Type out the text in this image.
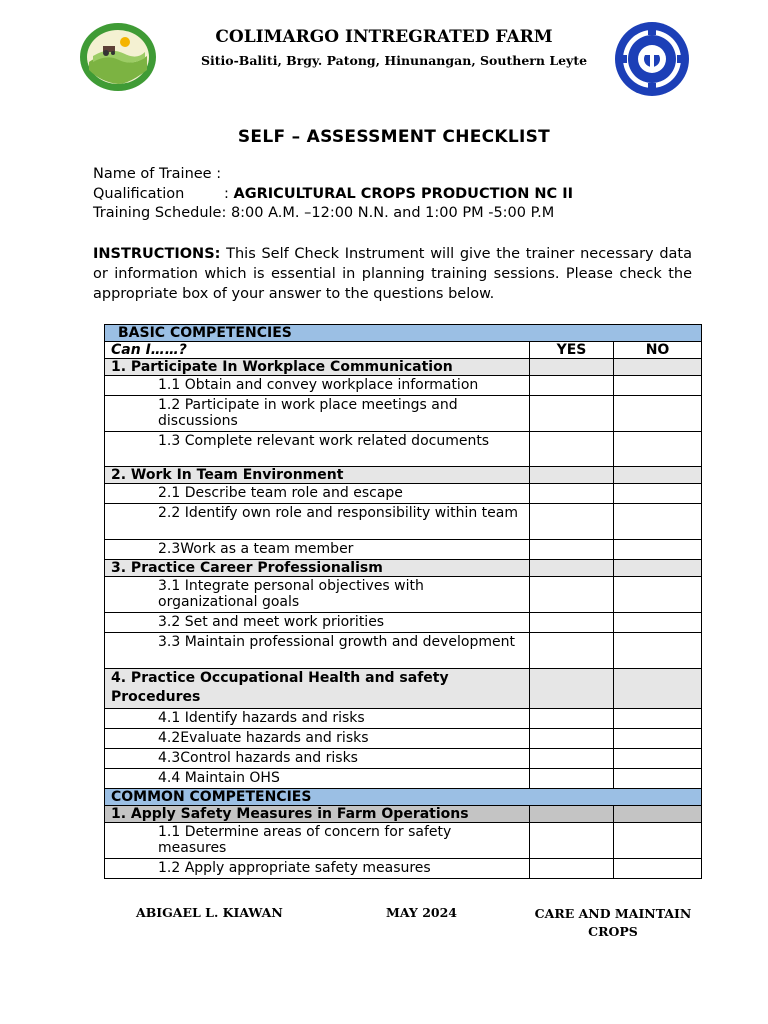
COLIMARGO INTREGRATED FARM
Sitio-Baliti, Brgy. Patong, Hinunangan, Southern Leyte
SELF – ASSESSMENT CHECKLIST
Name of Trainee :
Qualification	: AGRICULTURAL CROPS PRODUCTION NC II
Training Schedule: 8:00 A.M. –12:00 N.N. and 1:00 PM -5:00 P.M
INSTRUCTIONS: This Self Check Instrument will give the trainer necessary data or information which is essential in planning training sessions. Please check the appropriate box of your answer to the questions below.
BASIC COMPETENCIES		
Can I……?	YES	NO
1. Participate In Workplace Communication		
1.1 Obtain and convey workplace information		
1.2 Participate in work place meetings and discussions		
1.3 Complete relevant work related documents		
2. Work In Team Environment		
2.1 Describe team role and escape		
2.2 Identify own role and responsibility within team		
2.3Work as a team member		
3. Practice Career Professionalism		
3.1 Integrate personal objectives with organizational goals		
3.2 Set and meet work priorities		
3.3 Maintain professional growth and development		
4. Practice Occupational Health and safety Procedures		
4.1 Identify hazards and risks		
4.2Evaluate hazards and risks		
4.3Control hazards and risks		
4.4 Maintain OHS		
COMMON COMPETENCIES		
1. Apply Safety Measures in Farm Operations		
1.1 Determine areas of concern for safety measures		
1.2 Apply appropriate safety measures		
ABIGAEL L. KIAWAN	MAY 2024	CARE AND MAINTAIN CROPS
